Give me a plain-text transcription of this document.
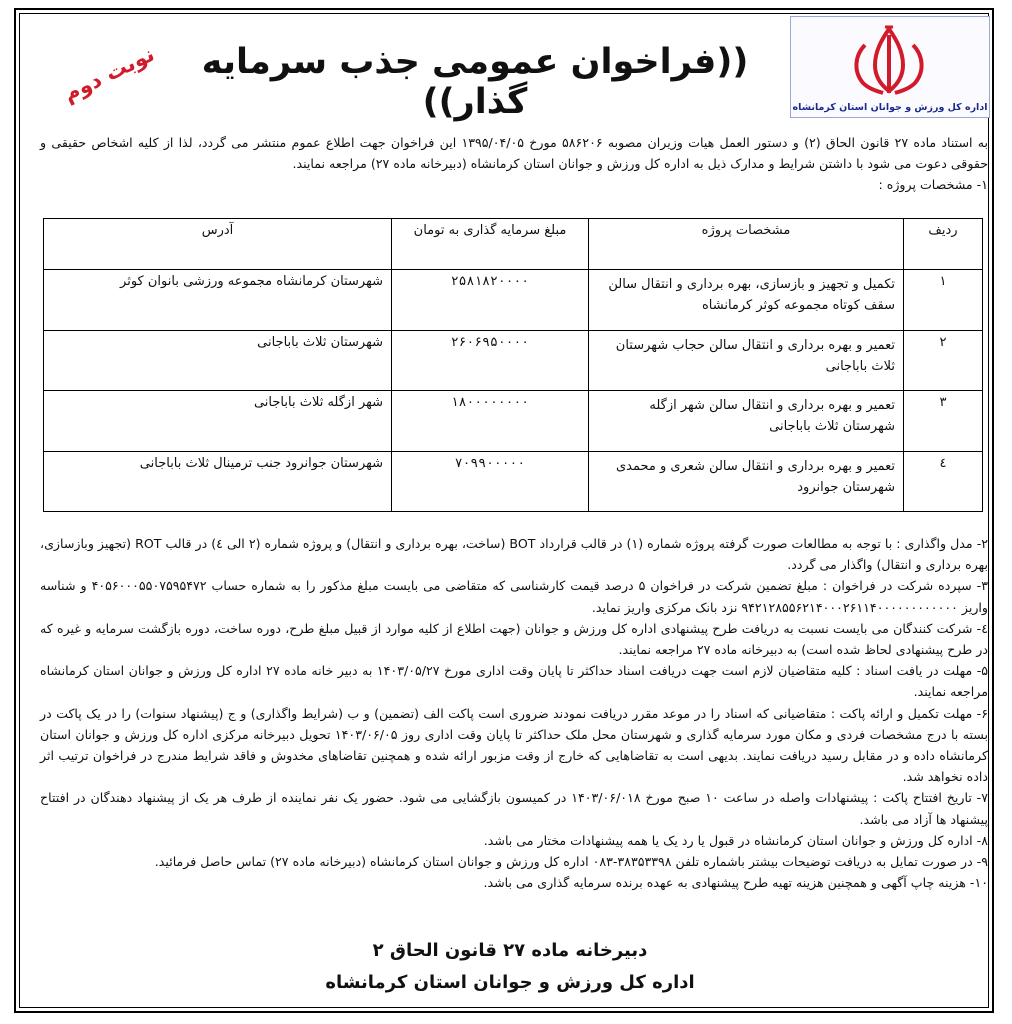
اداره کل ورزش و جوانان استان کرمانشاه
((فراخوان عمومی جذب سرمایه گذار))
نوبت دوم

به استناد ماده ۲۷ قانون الحاق (۲) و دستور العمل هیات وزیران مصوبه ۵۸۶۲۰۶ مورخ ۱۳۹۵/۰۴/۰۵ این فراخوان جهت اطلاع عموم منتشر می گردد، لذا از کلیه اشخاص حقیقی و حقوقی دعوت می شود با داشتن شرایط و مدارک ذیل به اداره کل ورزش و جوانان استان کرمانشاه (دبیرخانه ماده ۲۷) مراجعه نمایند.

۱- مشخصات پروژه :

ردیف	مشخصات پروژه	مبلغ سرمایه گذاری به تومان	آدرس
۱	تکمیل و تجهیز و بازسازی، بهره برداری و انتقال سالن سقف کوتاه مجموعه کوثر کرمانشاه	۲۵۸۱۸۲۰۰۰۰	شهرستان کرمانشاه مجموعه ورزشی بانوان کوثر
۲	تعمیر و بهره برداری و انتقال سالن حجاب شهرستان ثلاث باباجانی	۲۶۰۶۹۵۰۰۰۰	شهرستان ثلاث باباجانی
۳	تعمیر و بهره برداری و انتقال سالن شهر ازگله شهرستان ثلاث باباجانی	۱۸۰۰۰۰۰۰۰۰	شهر ازگله ثلاث باباجانی
٤	تعمیر و بهره برداری و انتقال سالن شعری و محمدی شهرستان جوانرود	۷۰۹۹۰۰۰۰۰	شهرستان جوانرود جنب ترمینال ثلاث باباجانی

۲- مدل واگذاری : با توجه به مطالعات صورت گرفته پروژه شماره (۱) در قالب قرارداد BOT (ساخت، بهره برداری و انتقال) و پروژه شماره (۲ الی ٤) در قالب ROT (تجهیز وبازسازی، بهره برداری و انتقال) واگذار می گردد.

۳- سپرده شرکت در فراخوان : مبلغ تضمین شرکت در فراخوان ۵ درصد قیمت کارشناسی که متقاضی می بایست مبلغ مذکور را به شماره حساب ۴۰۵۶۰۰۰۵۵۰۷۵۹۵۴۷۲ و شناسه واریز ۹۴۲۱۲۸۵۵۶۲۱۴۰۰۰۲۶۱۱۴۰۰۰۰۰۰۰۰۰۰۰۰ نزد بانک مرکزی واریز نماید.

٤- شرکت کنندگان می بایست نسبت به دریافت طرح پیشنهادی اداره کل ورزش و جوانان (جهت اطلاع از کلیه موارد از قبیل مبلغ طرح، دوره ساخت، دوره بازگشت سرمایه و غیره که در طرح پیشنهادی لحاظ شده است) به دبیرخانه ماده ۲۷ مراجعه نمایند.

۵- مهلت در یافت اسناد : کلیه متقاضیان لازم است جهت دریافت اسناد حداکثر تا پایان وقت اداری مورخ ۱۴۰۳/۰۵/۲۷ به دبیر خانه ماده ۲۷ اداره کل ورزش و جوانان استان کرمانشاه مراجعه نمایند.

۶- مهلت تکمیل و ارائه پاکت : متقاضیانی که اسناد را در موعد مقرر دریافت نمودند ضروری است پاکت الف (تضمین) و ب (شرایط واگذاری) و ج (پیشنهاد سنوات) را در یک پاکت در بسته با درج مشخصات فردی و مکان مورد سرمایه گذاری و شهرستان محل ملک حداکثر تا پایان وقت اداری روز ۱۴۰۳/۰۶/۰۵ تحویل دبیرخانه مرکزی اداره کل ورزش و جوانان استان کرمانشاه داده و در مقابل رسید دریافت نمایند. بدیهی است به تقاضاهایی که خارج از وقت مزبور ارائه شده و همچنین تقاضاهای مخدوش و فاقد شرایط مندرج در فراخوان ترتیب اثر داده نخواهد شد.

۷- تاریخ افتتاح پاکت : پیشنهادات واصله در ساعت ۱۰ صبح مورخ ۱۴۰۳/۰۶/۰۱۸ در کمیسون بازگشایی می شود. حضور یک نفر نماینده از طرف هر یک از پیشنهاد دهندگان در افتتاح پیشنهاد ها آزاد می باشد.

۸- اداره کل ورزش و جوانان استان کرمانشاه در قبول یا رد یک یا همه پیشنهادات مختار می باشد.

۹- در صورت تمایل به دریافت توضیحات بیشتر باشماره تلفن ۳۸۳۵۳۳۹۸-۰۸۳ اداره کل ورزش و جوانان استان کرمانشاه (دبیرخانه ماده ۲۷) تماس حاصل فرمائید.

۱۰- هزینه چاپ آگهی و همچنین هزینه تهیه طرح پیشنهادی به عهده برنده سرمایه گذاری می باشد.

دبیرخانه ماده ۲۷ قانون الحاق ۲
اداره کل ورزش و جوانان استان کرمانشاه
